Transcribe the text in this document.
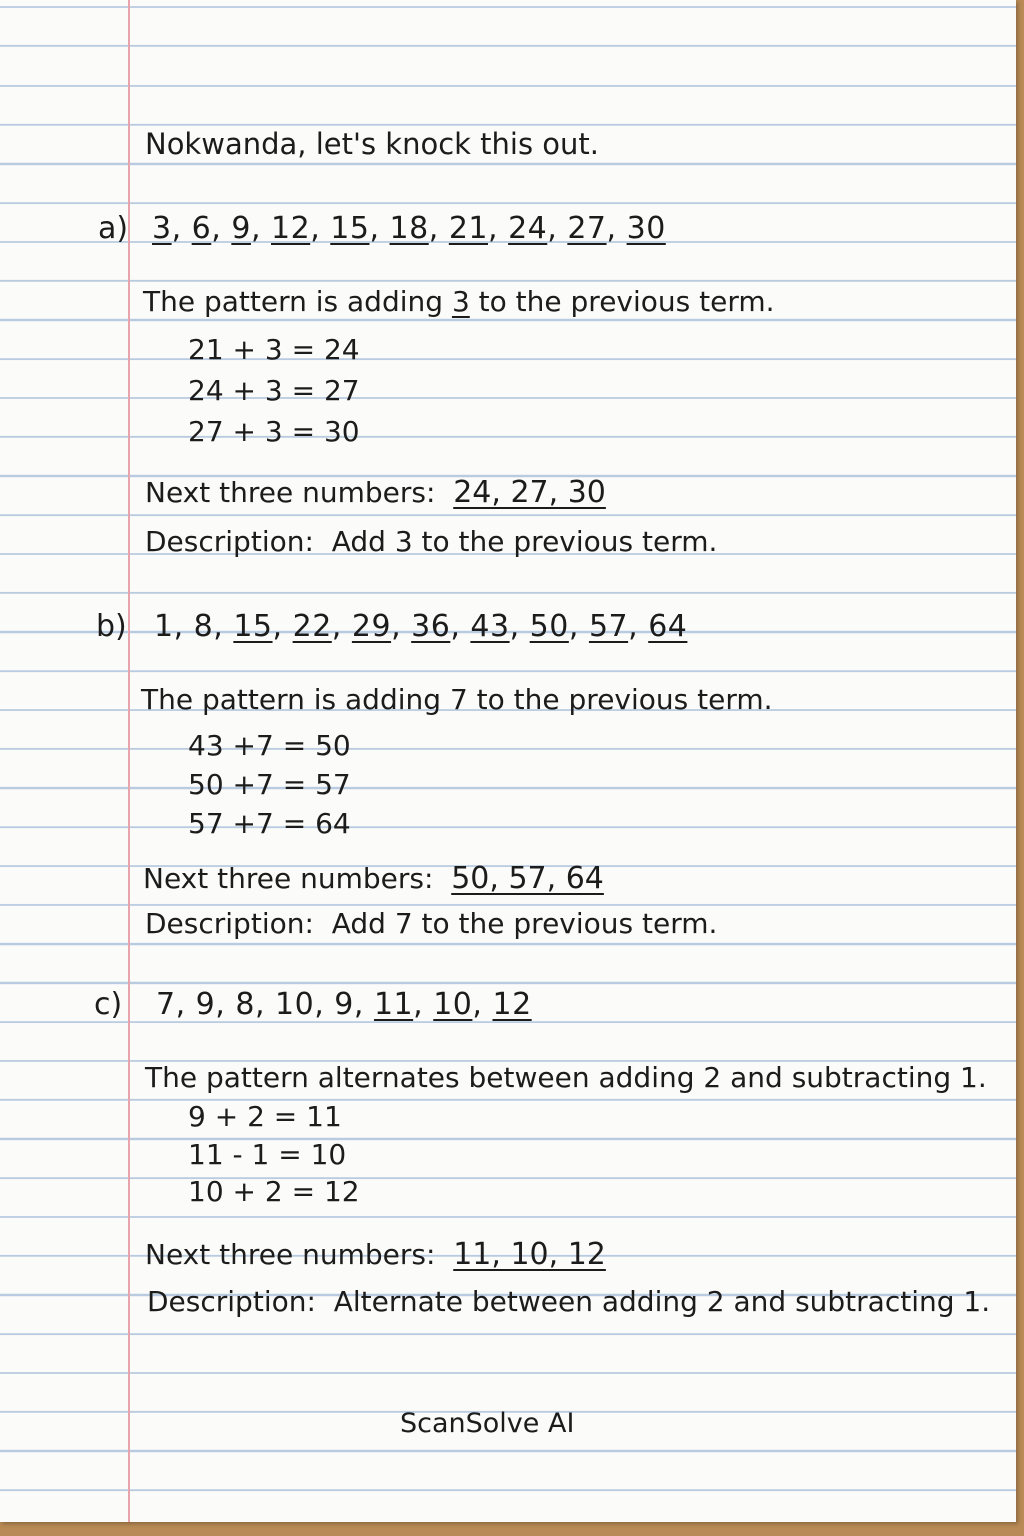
Nokwanda, let's knock this out.
a) 3, 6, 9, 12, 15, 18, 21, 24, 27, 30
The pattern is adding 3 to the previous term.
21 + 3 = 24
24 + 3 = 27
27 + 3 = 30
Next three numbers: 24, 27, 30
Description: Add 3 to the previous term.
b) 1, 8, 15, 22, 29, 36, 43, 50, 57, 64
The pattern is adding 7 to the previous term.
43 +7 = 50
50 +7 = 57
57 +7 = 64
Next three numbers: 50, 57, 64
Description: Add 7 to the previous term.
c) 7, 9, 8, 10, 9, 11, 10, 12
The pattern alternates between adding 2 and subtracting 1.
9 + 2 = 11
11 - 1 = 10
10 + 2 = 12
Next three numbers: 11, 10, 12
Description: Alternate between adding 2 and subtracting 1.
ScanSolve AI
